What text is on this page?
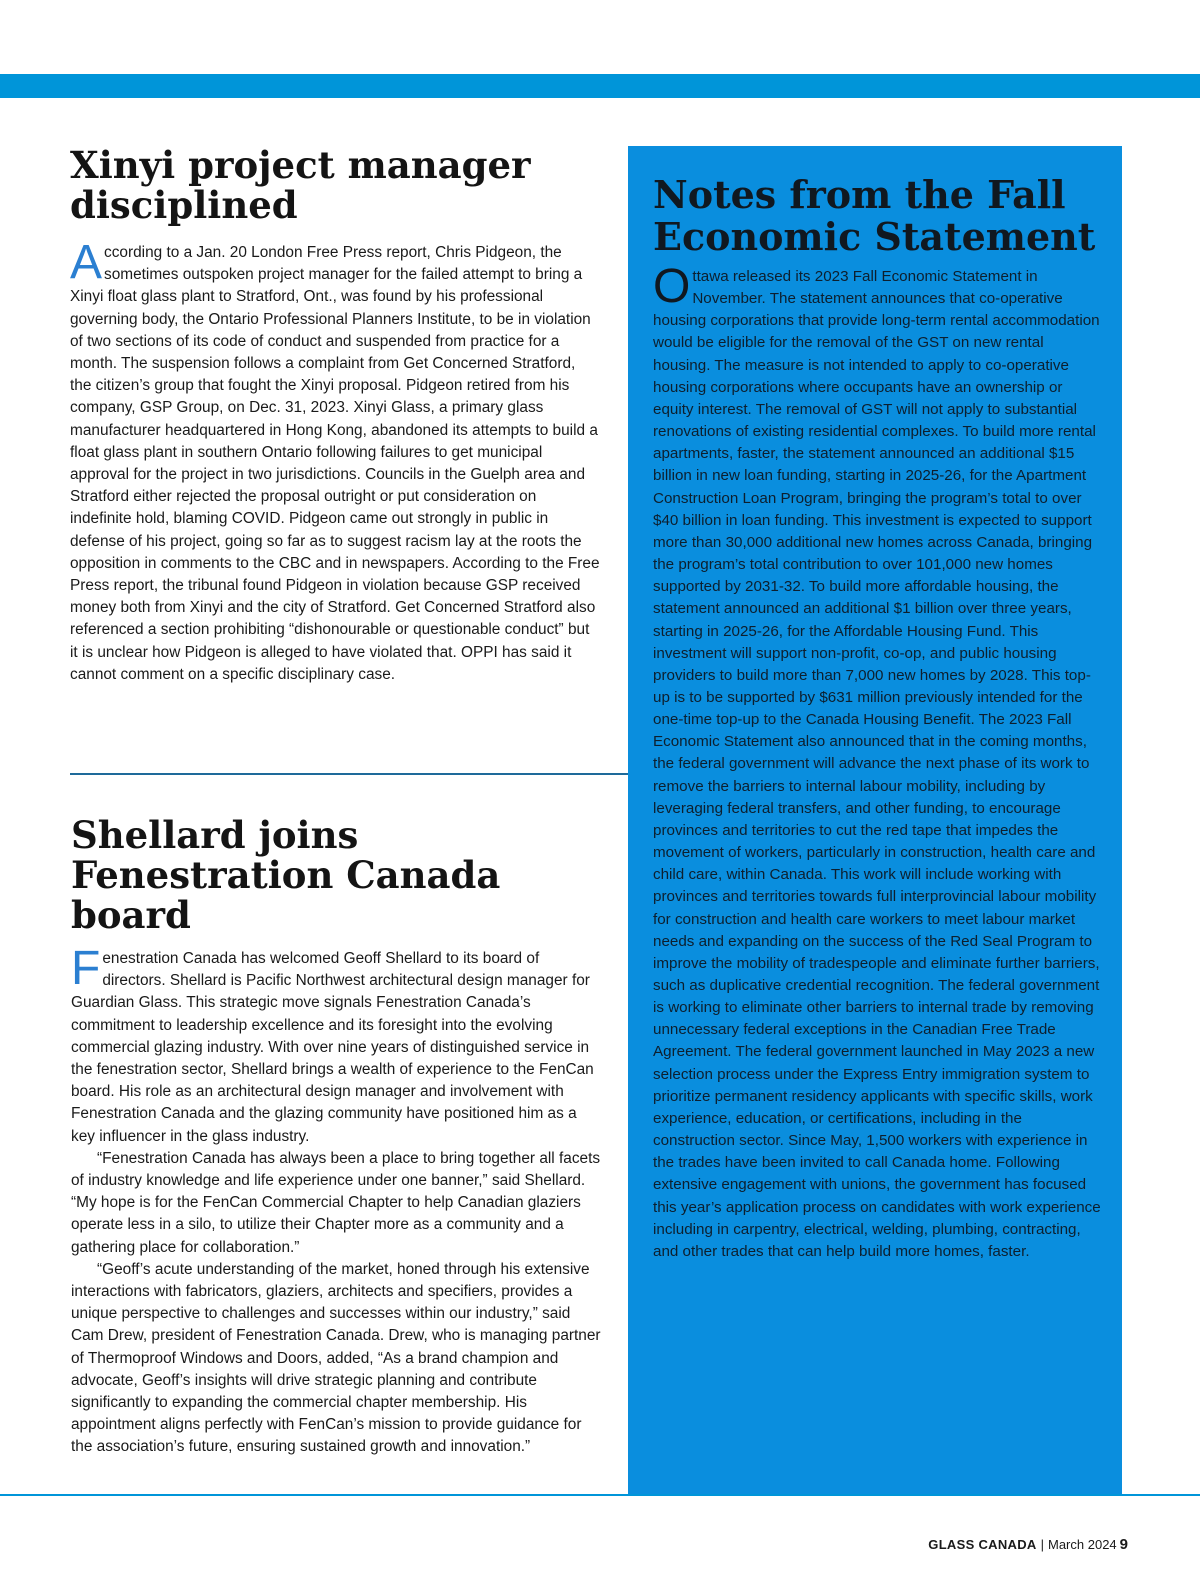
Xinyi project manager disciplined
A ccording to a Jan. 20 London Free Press report, Chris Pidgeon, the sometimes outspoken project manager for the failed attempt to bring a Xinyi float glass plant to Stratford, Ont., was found by his professional governing body, the Ontario Professional Planners Institute, to be in violation of two sections of its code of conduct and suspended from practice for a month. The suspension follows a complaint from Get Concerned Stratford, the citizen’s group that fought the Xinyi proposal. Pidgeon retired from his company, GSP Group, on Dec. 31, 2023. Xinyi Glass, a primary glass manufacturer headquartered in Hong Kong, abandoned its attempts to build a float glass plant in southern Ontario following failures to get municipal approval for the project in two jurisdictions. Councils in the Guelph area and Stratford either rejected the proposal outright or put consideration on indefinite hold, blaming COVID. Pidgeon came out strongly in public in defense of his project, going so far as to suggest racism lay at the roots the opposition in comments to the CBC and in newspapers. According to the Free Press report, the tribunal found Pidgeon in violation because GSP received money both from Xinyi and the city of Stratford. Get Concerned Stratford also referenced a section prohibiting “dishonourable or questionable conduct” but it is unclear how Pidgeon is alleged to have violated that. OPPI has said it cannot comment on a specific disciplinary case.

Shellard joins Fenestration Canada board
F enestration Canada has welcomed Geoff Shellard to its board of directors. Shellard is Pacific Northwest architectural design manager for Guardian Glass. This strategic move signals Fenestration Canada’s commitment to leadership excellence and its foresight into the evolving commercial glazing industry. With over nine years of distinguished service in the fenestration sector, Shellard brings a wealth of experience to the FenCan board. His role as an architectural design manager and involvement with Fenestration Canada and the glazing community have positioned him as a key influencer in the glass industry.

“Fenestration Canada has always been a place to bring together all facets of industry knowledge and life experience under one banner,” said Shellard. “My hope is for the FenCan Commercial Chapter to help Canadian glaziers operate less in a silo, to utilize their Chapter more as a community and a gathering place for collaboration.”

“Geoff’s acute understanding of the market, honed through his extensive interactions with fabricators, glaziers, architects and specifiers, provides a unique perspective to challenges and successes within our industry,” said Cam Drew, president of Fenestration Canada. Drew, who is managing partner of Thermoproof Windows and Doors, added, “As a brand champion and advocate, Geoff’s insights will drive strategic planning and contribute significantly to expanding the commercial chapter membership. His appointment aligns perfectly with FenCan’s mission to provide guidance for the association’s future, ensuring sustained growth and innovation.”

Notes from the Fall Economic Statement
O ttawa released its 2023 Fall Economic Statement in November. The statement announces that co-operative housing corporations that provide long-term rental accommodation would be eligible for the removal of the GST on new rental housing. The measure is not intended to apply to co-operative housing corporations where occupants have an ownership or equity interest. The removal of GST will not apply to substantial renovations of existing residential complexes. To build more rental apartments, faster, the statement announced an additional $15 billion in new loan funding, starting in 2025-26, for the Apartment Construction Loan Program, bringing the program’s total to over $40 billion in loan funding. This investment is expected to support more than 30,000 additional new homes across Canada, bringing the program’s total contribution to over 101,000 new homes supported by 2031-32. To build more affordable housing, the statement announced an additional $1 billion over three years, starting in 2025-26, for the Affordable Housing Fund. This investment will support non-profit, co-op, and public housing providers to build more than 7,000 new homes by 2028. This top-up is to be supported by $631 million previously intended for the one-time top-up to the Canada Housing Benefit. The 2023 Fall Economic Statement also announced that in the coming months, the federal government will advance the next phase of its work to remove the barriers to internal labour mobility, including by leveraging federal transfers, and other funding, to encourage provinces and territories to cut the red tape that impedes the movement of workers, particularly in construction, health care and child care, within Canada. This work will include working with provinces and territories towards full interprovincial labour mobility for construction and health care workers to meet labour market needs and expanding on the success of the Red Seal Program to improve the mobility of tradespeople and eliminate further barriers, such as duplicative credential recognition. The federal government is working to eliminate other barriers to internal trade by removing unnecessary federal exceptions in the Canadian Free Trade Agreement. The federal government launched in May 2023 a new selection process under the Express Entry immigration system to prioritize permanent residency applicants with specific skills, work experience, education, or certifications, including in the construction sector. Since May, 1,500 workers with experience in the trades have been invited to call Canada home. Following extensive engagement with unions, the government has focused this year’s application process on candidates with work experience including in carpentry, electrical, welding, plumbing, contracting, and other trades that can help build more homes, faster.

GLASS CANADA | March 2024 9
